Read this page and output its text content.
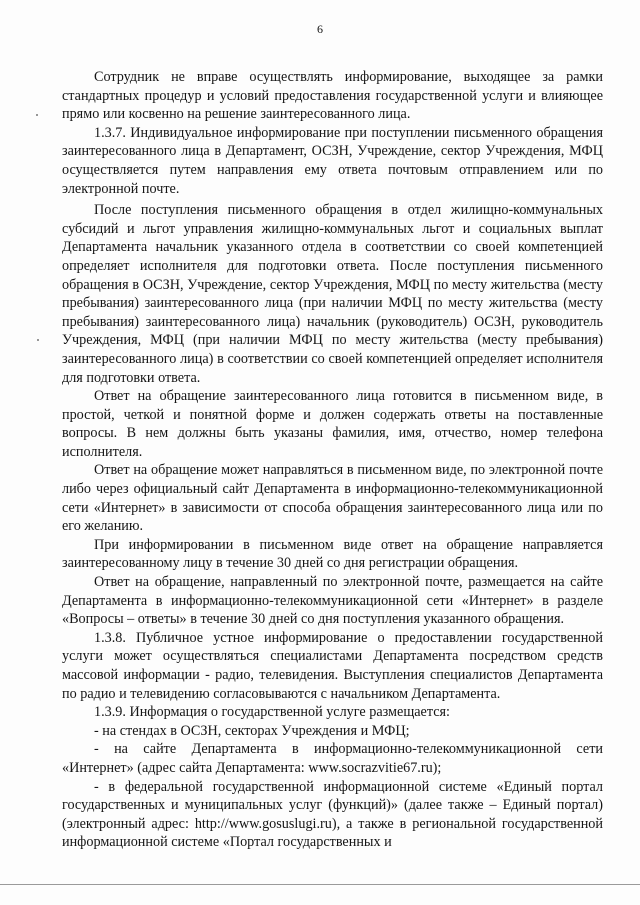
6

Сотрудник не вправе осуществлять информирование, выходящее за рамки стандартных процедур и условий предоставления государственной услуги и влияющее прямо или косвенно на решение заинтересованного лица.

1.3.7. Индивидуальное информирование при поступлении письменного обращения заинтересованного лица в Департамент, ОСЗН, Учреждение, сектор Учреждения, МФЦ осуществляется путем направления ему ответа почтовым отправлением или по электронной почте.

После поступления письменного обращения в отдел жилищно-коммунальных субсидий и льгот управления жилищно-коммунальных льгот и социальных выплат Департамента начальник указанного отдела в соответствии со своей компетенцией определяет исполнителя для подготовки ответа. После поступления письменного обращения в ОСЗН, Учреждение, сектор Учреждения, МФЦ по месту жительства (месту пребывания) заинтересованного лица (при наличии МФЦ по месту жительства (месту пребывания) заинтересованного лица) начальник (руководитель) ОСЗН, руководитель Учреждения, МФЦ (при наличии МФЦ по месту жительства (месту пребывания) заинтересованного лица) в соответствии со своей компетенцией определяет исполнителя для подготовки ответа.

Ответ на обращение заинтересованного лица готовится в письменном виде, в простой, четкой и понятной форме и должен содержать ответы на поставленные вопросы. В нем должны быть указаны фамилия, имя, отчество, номер телефона исполнителя.

Ответ на обращение может направляться в письменном виде, по электронной почте либо через официальный сайт Департамента в информационно-телекоммуникационной сети «Интернет» в зависимости от способа обращения заинтересованного лица или по его желанию.

При информировании в письменном виде ответ на обращение направляется заинтересованному лицу в течение 30 дней со дня регистрации обращения.

Ответ на обращение, направленный по электронной почте, размещается на сайте Департамента в информационно-телекоммуникационной сети «Интернет» в разделе «Вопросы – ответы» в течение 30 дней со дня поступления указанного обращения.

1.3.8. Публичное устное информирование о предоставлении государственной услуги может осуществляться специалистами Департамента посредством средств массовой информации - радио, телевидения. Выступления специалистов Департамента по радио и телевидению согласовываются с начальником Департамента.

1.3.9. Информация о государственной услуге размещается:

- на стендах в ОСЗН, секторах Учреждения и МФЦ;

- на сайте Департамента в информационно-телекоммуникационной сети «Интернет» (адрес сайта Департамента: www.socrazvitie67.ru);

- в федеральной государственной информационной системе «Единый портал государственных и муниципальных услуг (функций)» (далее также – Единый портал) (электронный адрес: http://www.gosuslugi.ru), а также в региональной государственной информационной системе «Портал государственных и
